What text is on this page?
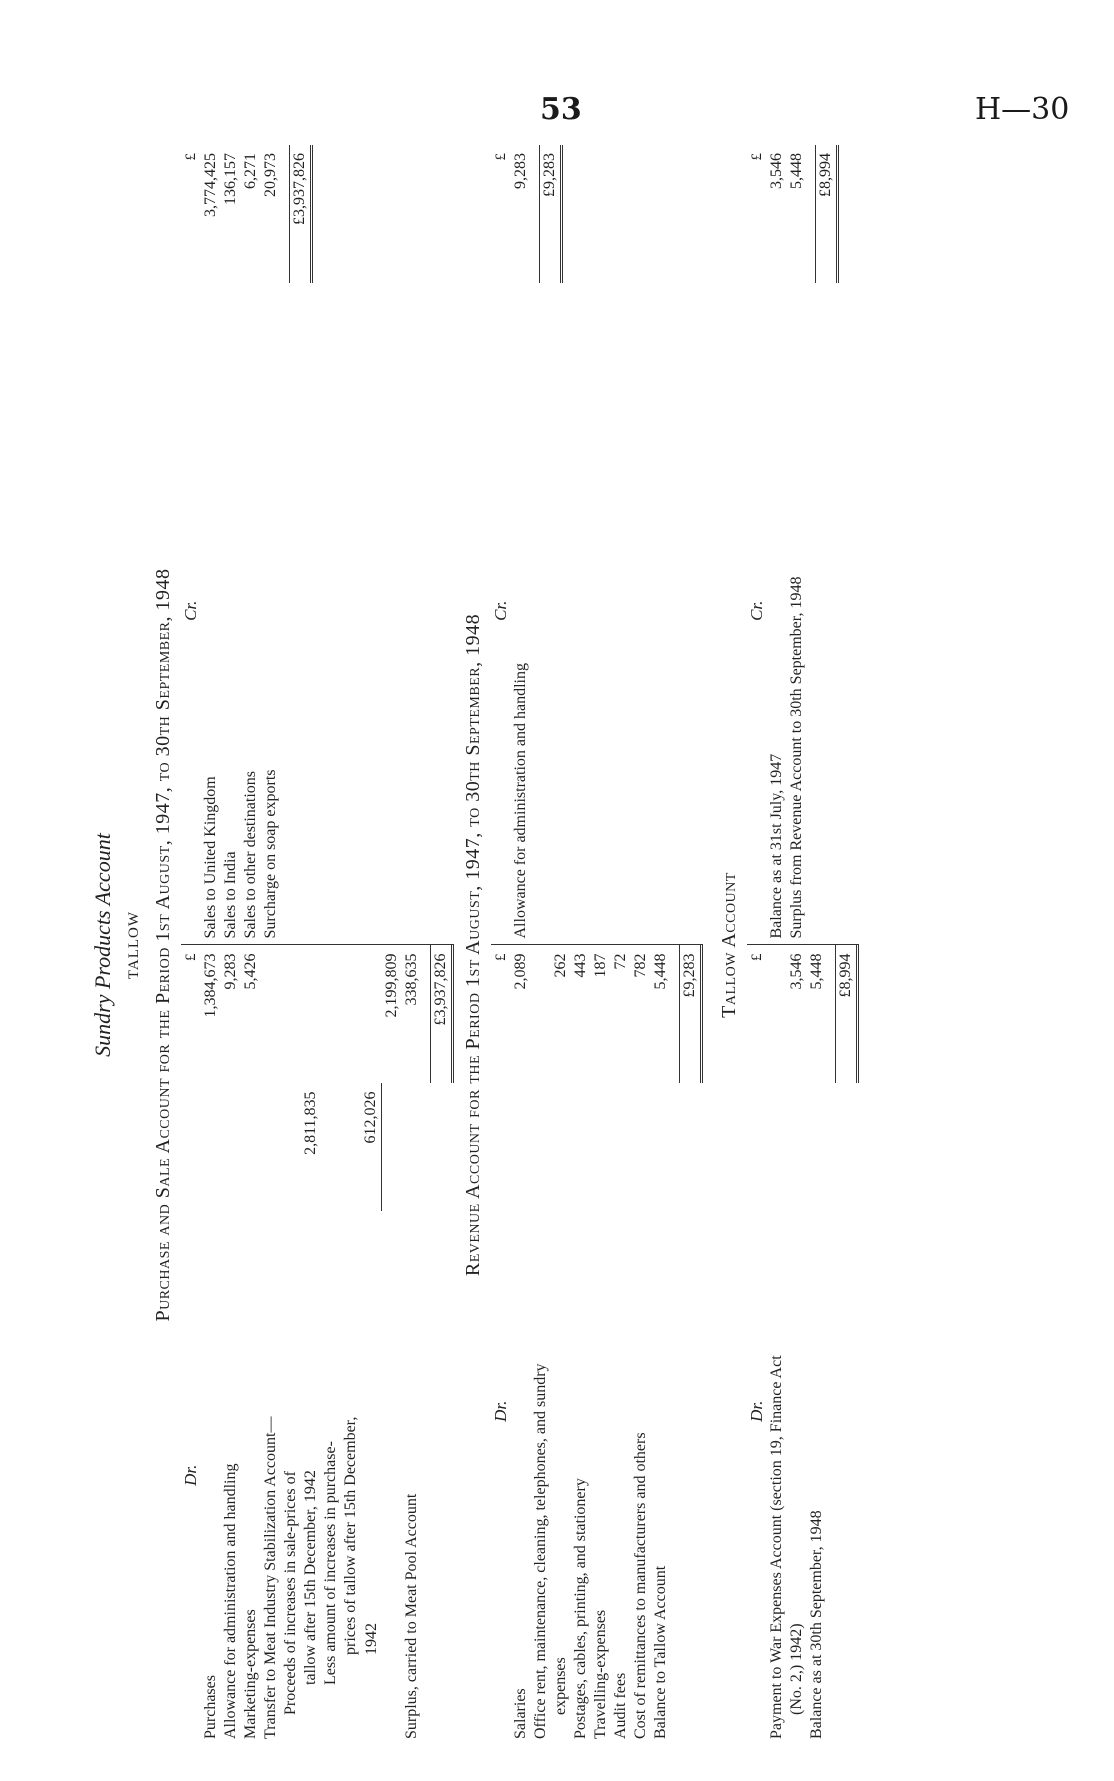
53	H—30
Sundry Products Account TALLOW Purchase and Sale Account for the Period 1st August, 1947, to 30th September, 1948
Dr.
£
Purchases
1,384,673
Allowance for administration and handling
9,283
Marketing-expenses
5,426
Transfer to Meat Industry Stabilization Account— Proceeds of increases in sale-prices of tallow after 15th December, 1942
2,811,835
Less amount of increases in purchase- prices of tallow after 15th December, 1942
612,026
2,199,809
Surplus, carried to Meat Pool Account
338,635 £3,937,826
Cr.
£
Sales to United Kingdom
3,774,425
Sales to India
136,157
Sales to other destinations
6,271
Surcharge on soap exports
20,973 £3,937,826
Revenue Account for the Period 1st August, 1947, to 30th September, 1948
Dr.
£
Salaries
2,089
Office rent, maintenance, cleaning, telephones, and sundry expenses
262
Postages, cables, printing, and stationery
443
Travelling-expenses
187
Audit fees
72
Cost of remittances to manufacturers and others
782
Balance to Tallow Account
5,448 £9,283
Cr.
£
Allowance for administration and handling
9,283 £9,283
Tallow Account
Dr.
£
Payment to War Expenses Account (section 19, Finance Act (No. 2,) 1942)
3,546
Balance as at 30th September, 1948
5,448 £8,994
Cr.
£
Balance as at 31st July, 1947
3,546
Surplus from Revenue Account to 30th September, 1948
5,448 £8,994
